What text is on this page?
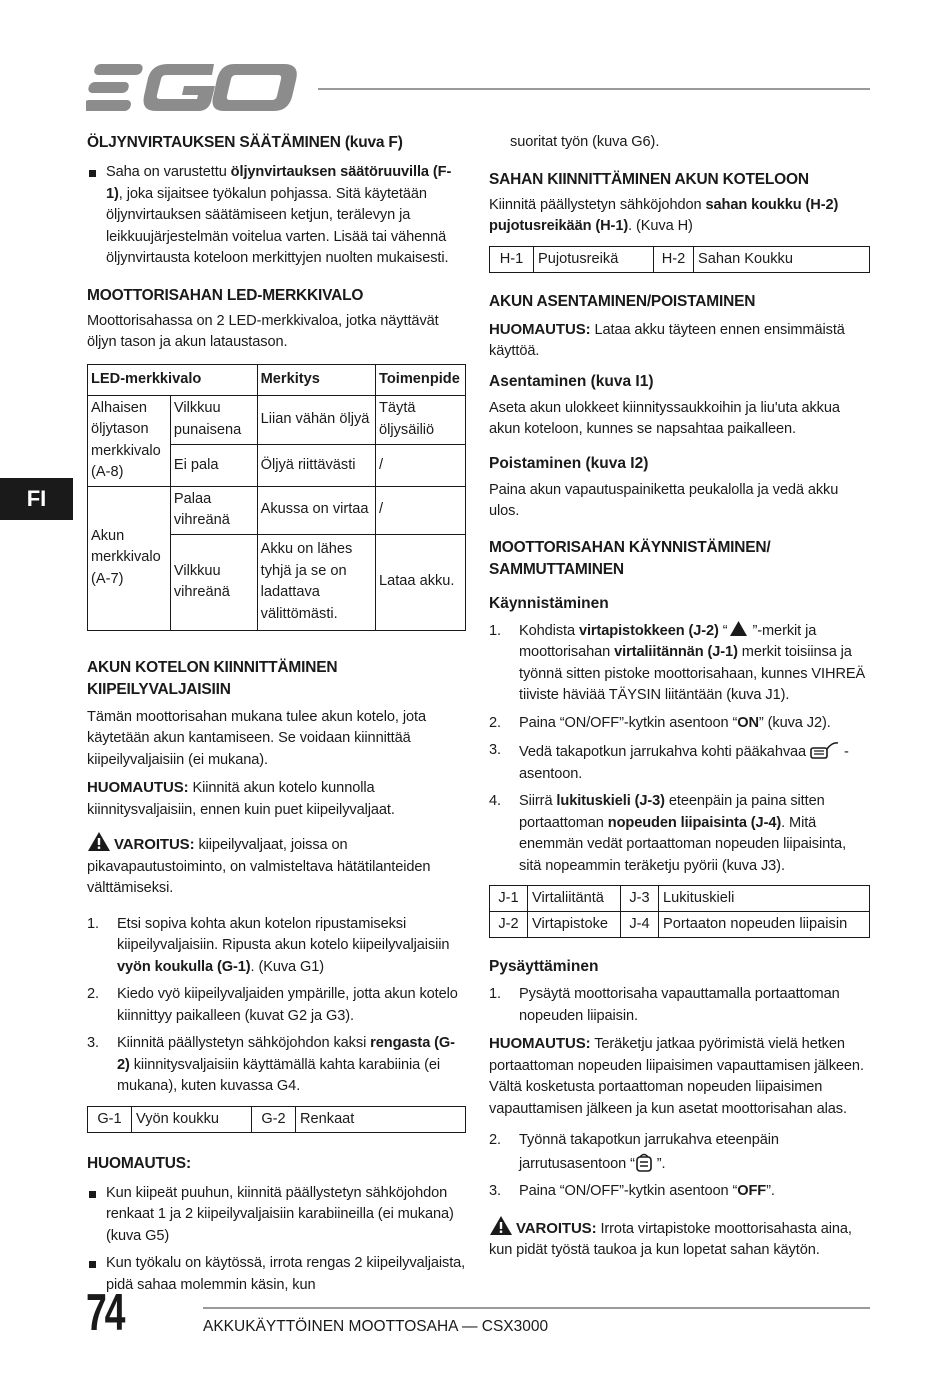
FI

ÖLJYNVIRTAUKSEN SÄÄTÄMINEN (kuva F)

Saha on varustettu öljynvirtauksen säätöruuvilla (F-1), joka sijaitsee työkalun pohjassa. Sitä käytetään öljynvirtauksen säätämiseen ketjun, terälevyn ja leikkuujärjestelmän voitelua varten. Lisää tai vähennä öljynvirtausta koteloon merkittyjen nuolten mukaisesti.

MOOTTORISAHAN LED-MERKKIVALO

Moottorisahassa on 2 LED-merkkivaloa, jotka näyttävät öljyn tason ja akun lataustason.

LED-merkkivalo		Merkitys	Toimenpide
Alhaisen öljytason merkkivalo (A-8)	Vilkkuu punaisena	Liian vähän öljyä	Täytä öljysäiliö
	Ei pala	Öljyä riittävästi	/
Akun merkkivalo (A-7)	Palaa vihreänä	Akussa on virtaa	/
	Vilkkuu vihreänä	Akku on lähes tyhjä ja se on ladattava välittömästi.	Lataa akku.

AKUN KOTELON KIINNITTÄMINEN KIIPEILYVALJAISIIN

Tämän moottorisahan mukana tulee akun kotelo, jota käytetään akun kantamiseen. Se voidaan kiinnittää kiipeilyvaljaisiin (ei mukana).

HUOMAUTUS: Kiinnitä akun kotelo kunnolla kiinnitysvaljaisiin, ennen kuin puet kiipeilyvaljaat.

VAROITUS: kiipeilyvaljaat, joissa on pikavapautustoiminto, on valmisteltava hätätilanteiden välttämiseksi.

1. Etsi sopiva kohta akun kotelon ripustamiseksi kiipeilyvaljaisiin. Ripusta akun kotelo kiipeilyvaljaisiin vyön koukulla (G-1). (Kuva G1)
2. Kiedo vyö kiipeilyvaljaiden ympärille, jotta akun kotelo kiinnittyy paikalleen (kuvat G2 ja G3).
3. Kiinnitä päällystetyn sähköjohdon kaksi rengasta (G-2) kiinnitysvaljaisiin käyttämällä kahta karabiinia (ei mukana), kuten kuvassa G4.
G-1	Vyön koukku	G-2	Renkaat

HUOMAUTUS:

Kun kiipeät puuhun, kiinnitä päällystetyn sähköjohdon renkaat 1 ja 2 kiipeilyvaljaisiin karabiineilla (ei mukana) (kuva G5)
Kun työkalu on käytössä, irrota rengas 2 kiipeilyvaljaista, pidä sahaa molemmin käsin, kun

suoritat työn (kuva G6).

SAHAN KIINNITTÄMINEN AKUN KOTELOON

Kiinnitä päällystetyn sähköjohdon sahan koukku (H-2) pujotusreikään (H-1). (Kuva H)

H-1	Pujotusreikä	H-2	Sahan Koukku

AKUN ASENTAMINEN/POISTAMINEN

HUOMAUTUS: Lataa akku täyteen ennen ensimmäistä käyttöä.

Asentaminen (kuva I1)

Aseta akun ulokkeet kiinnityssaukkoihin ja liu'uta akkua akun koteloon, kunnes se napsahtaa paikalleen.

Poistaminen (kuva I2)

Paina akun vapautuspainiketta peukalolla ja vedä akku ulos.

MOOTTORISAHAN KÄYNNISTÄMINEN/ SAMMUTTAMINEN

Käynnistäminen

1. Kohdista virtapistokkeen (J-2) “ ”-merkit ja moottorisahan virtaliitännän (J-1) merkit toisiinsa ja työnnä sitten pistoke moottorisahaan, kunnes VIHREÄ tiiviste häviää TÄYSIN liitäntään (kuva J1).
2. Paina “ON/OFF”-kytkin asentoon “ON” (kuva J2).
3. Vedä takapotkun jarrukahva kohti pääkahvaa  -asentoon.
4. Siirrä lukituskieli (J-3) eteenpäin ja paina sitten portaattoman nopeuden liipaisinta (J-4). Mitä enemmän vedät portaattoman nopeuden liipaisinta, sitä nopeammin teräketju pyörii (kuva J3).
J-1	Virtaliitäntä	J-3	Lukituskieli
J-2	Virtapistoke	J-4	Portaaton nopeuden liipaisin

Pysäyttäminen

1. Pysäytä moottorisaha vapauttamalla portaattoman nopeuden liipaisin.

HUOMAUTUS: Teräketju jatkaa pyörimistä vielä hetken portaattoman nopeuden liipaisimen vapauttamisen jälkeen. Vältä kosketusta portaattoman nopeuden liipaisimen vapauttamisen jälkeen ja kun asetat moottorisahan alas.

2. Työnnä takapotkun jarrukahva eteenpäin jarrutusasentoon “ ”.
3. Paina “ON/OFF”-kytkin asentoon “OFF”.

VAROITUS: Irrota virtapistoke moottorisahasta aina, kun pidät työstä taukoa ja kun lopetat sahan käytön.

74	AKKUKÄYTTÖINEN MOOTTOSAHA — CSX3000
